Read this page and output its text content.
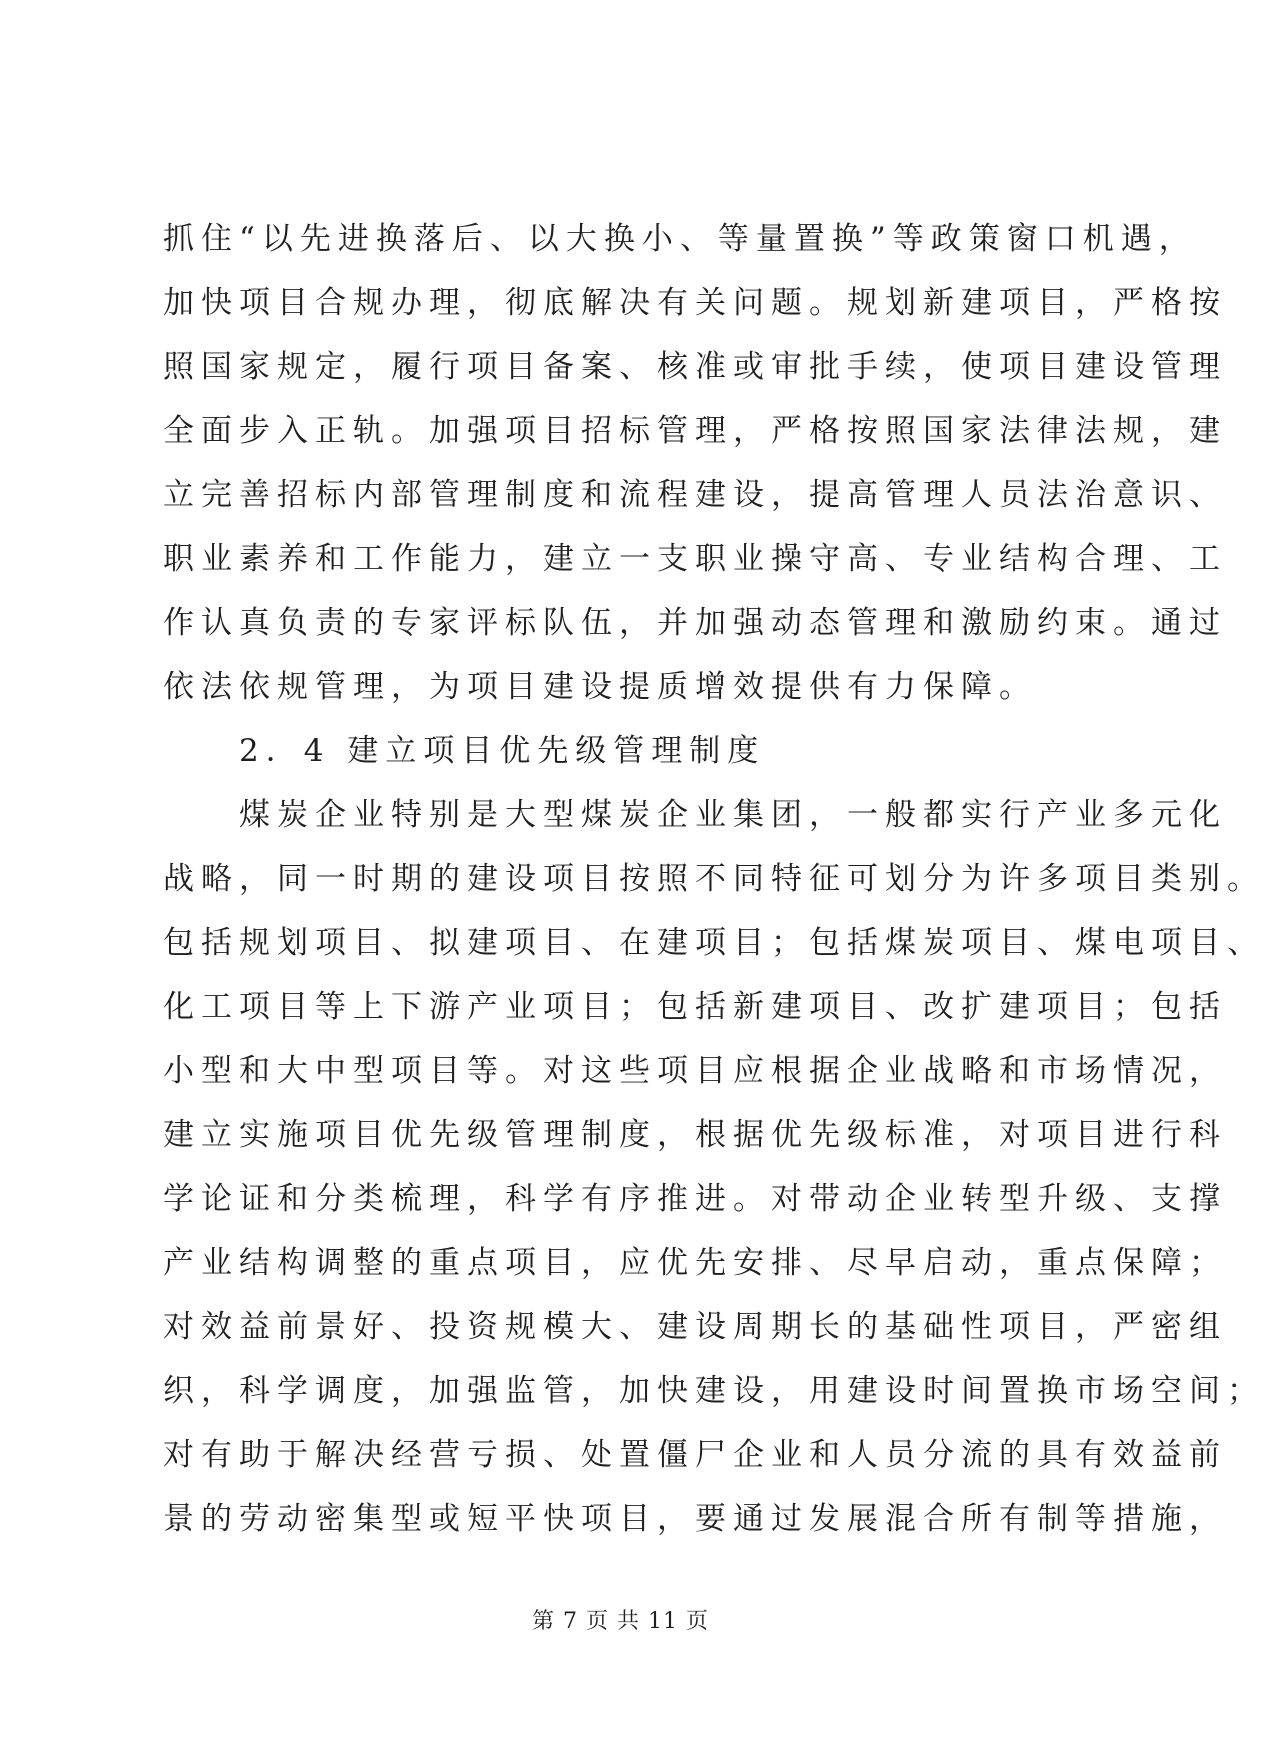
抓住“以先进换落后、以大换小、等量置换”等政策窗口机遇，
加快项目合规办理，彻底解决有关问题。规划新建项目，严格按
照国家规定，履行项目备案、核准或审批手续，使项目建设管理
全面步入正轨。加强项目招标管理，严格按照国家法律法规，建
立完善招标内部管理制度和流程建设，提高管理人员法治意识、
职业素养和工作能力，建立一支职业操守高、专业结构合理、工
作认真负责的专家评标队伍，并加强动态管理和激励约束。通过
依法依规管理，为项目建设提质增效提供有力保障。
2．4 建立项目优先级管理制度
煤炭企业特别是大型煤炭企业集团，一般都实行产业多元化
战略，同一时期的建设项目按照不同特征可划分为许多项目类别。
包括规划项目、拟建项目、在建项目；包括煤炭项目、煤电项目、
化工项目等上下游产业项目；包括新建项目、改扩建项目；包括
小型和大中型项目等。对这些项目应根据企业战略和市场情况，
建立实施项目优先级管理制度，根据优先级标准，对项目进行科
学论证和分类梳理，科学有序推进。对带动企业转型升级、支撑
产业结构调整的重点项目，应优先安排、尽早启动，重点保障；
对效益前景好、投资规模大、建设周期长的基础性项目，严密组
织，科学调度，加强监管，加快建设，用建设时间置换市场空间；
对有助于解决经营亏损、处置僵尸企业和人员分流的具有效益前
景的劳动密集型或短平快项目，要通过发展混合所有制等措施，
第 7 页 共 11 页
